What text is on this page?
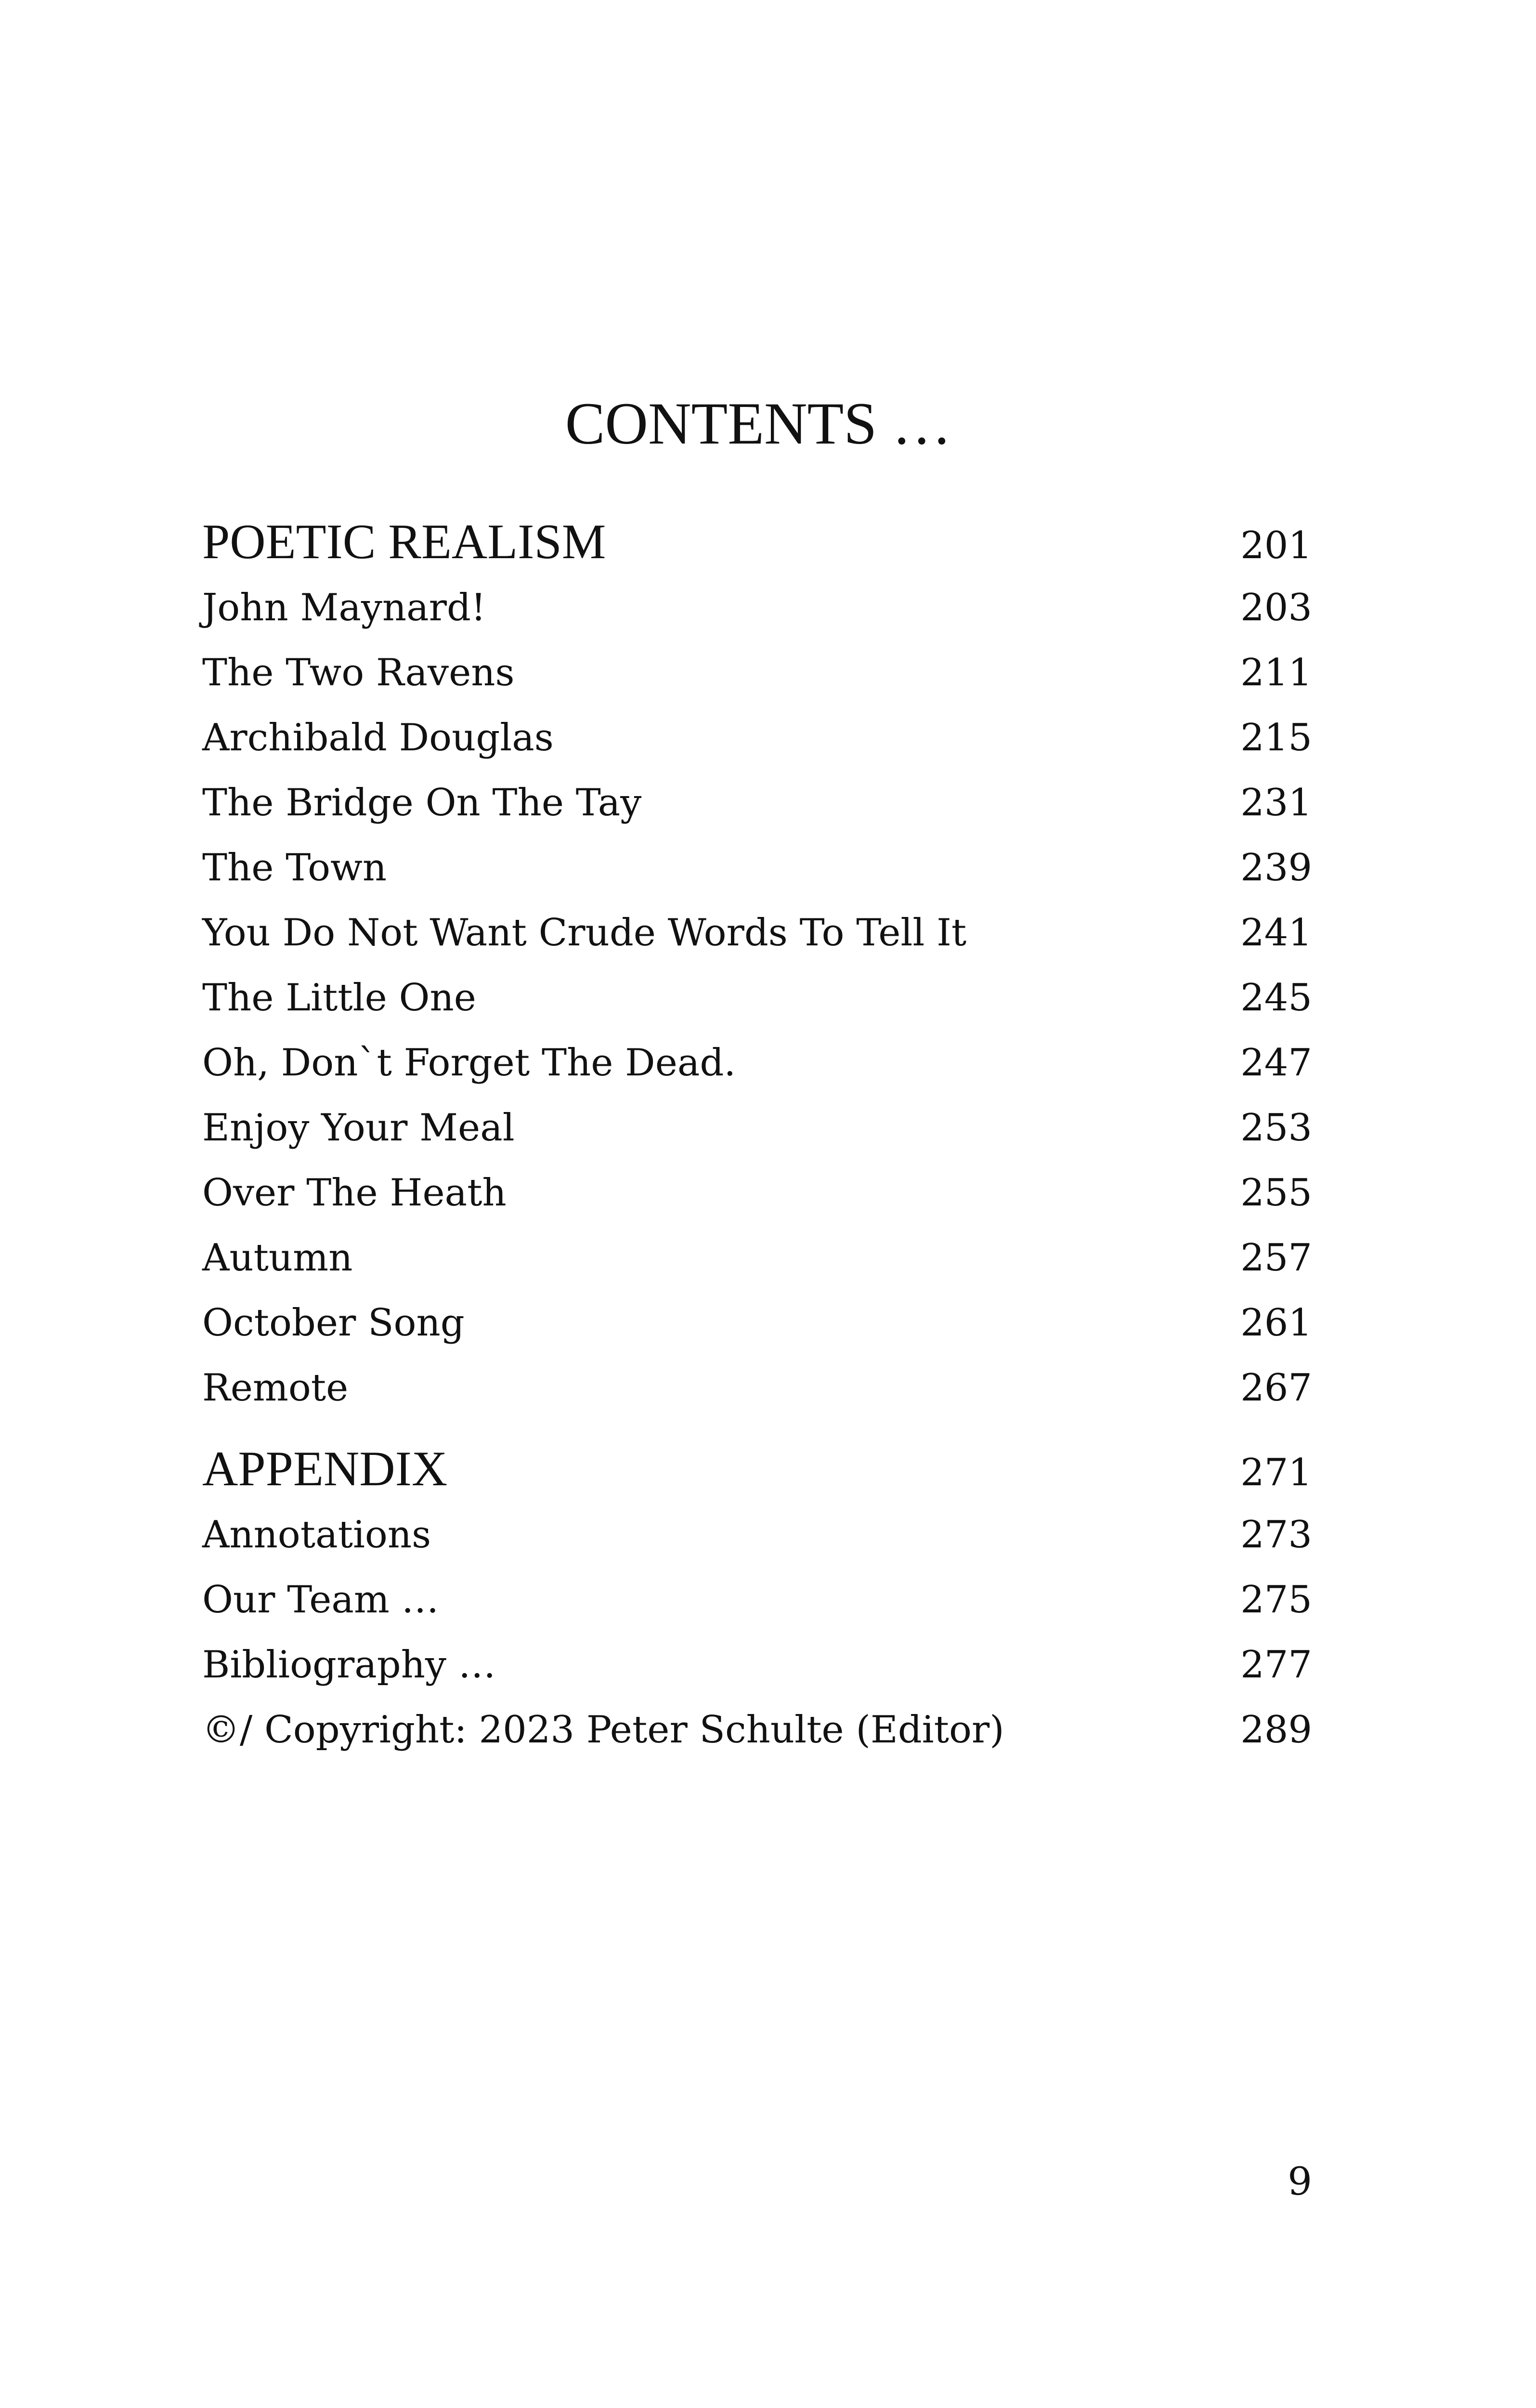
CONTENTS …
POETIC REALISM	201
John Maynard!	203
The Two Ravens	211
Archibald Douglas	215
The Bridge On The Tay	231
The Town	239
You Do Not Want Crude Words To Tell It	241
The Little One	245
Oh, Don`t Forget The Dead.	247
Enjoy Your Meal	253
Over The Heath	255
Autumn	257
October Song	261
Remote	267
APPENDIX	271
Annotations	273
Our Team …	275
Bibliography …	277
©/ Copyright: 2023 Peter Schulte (Editor)	289
9
